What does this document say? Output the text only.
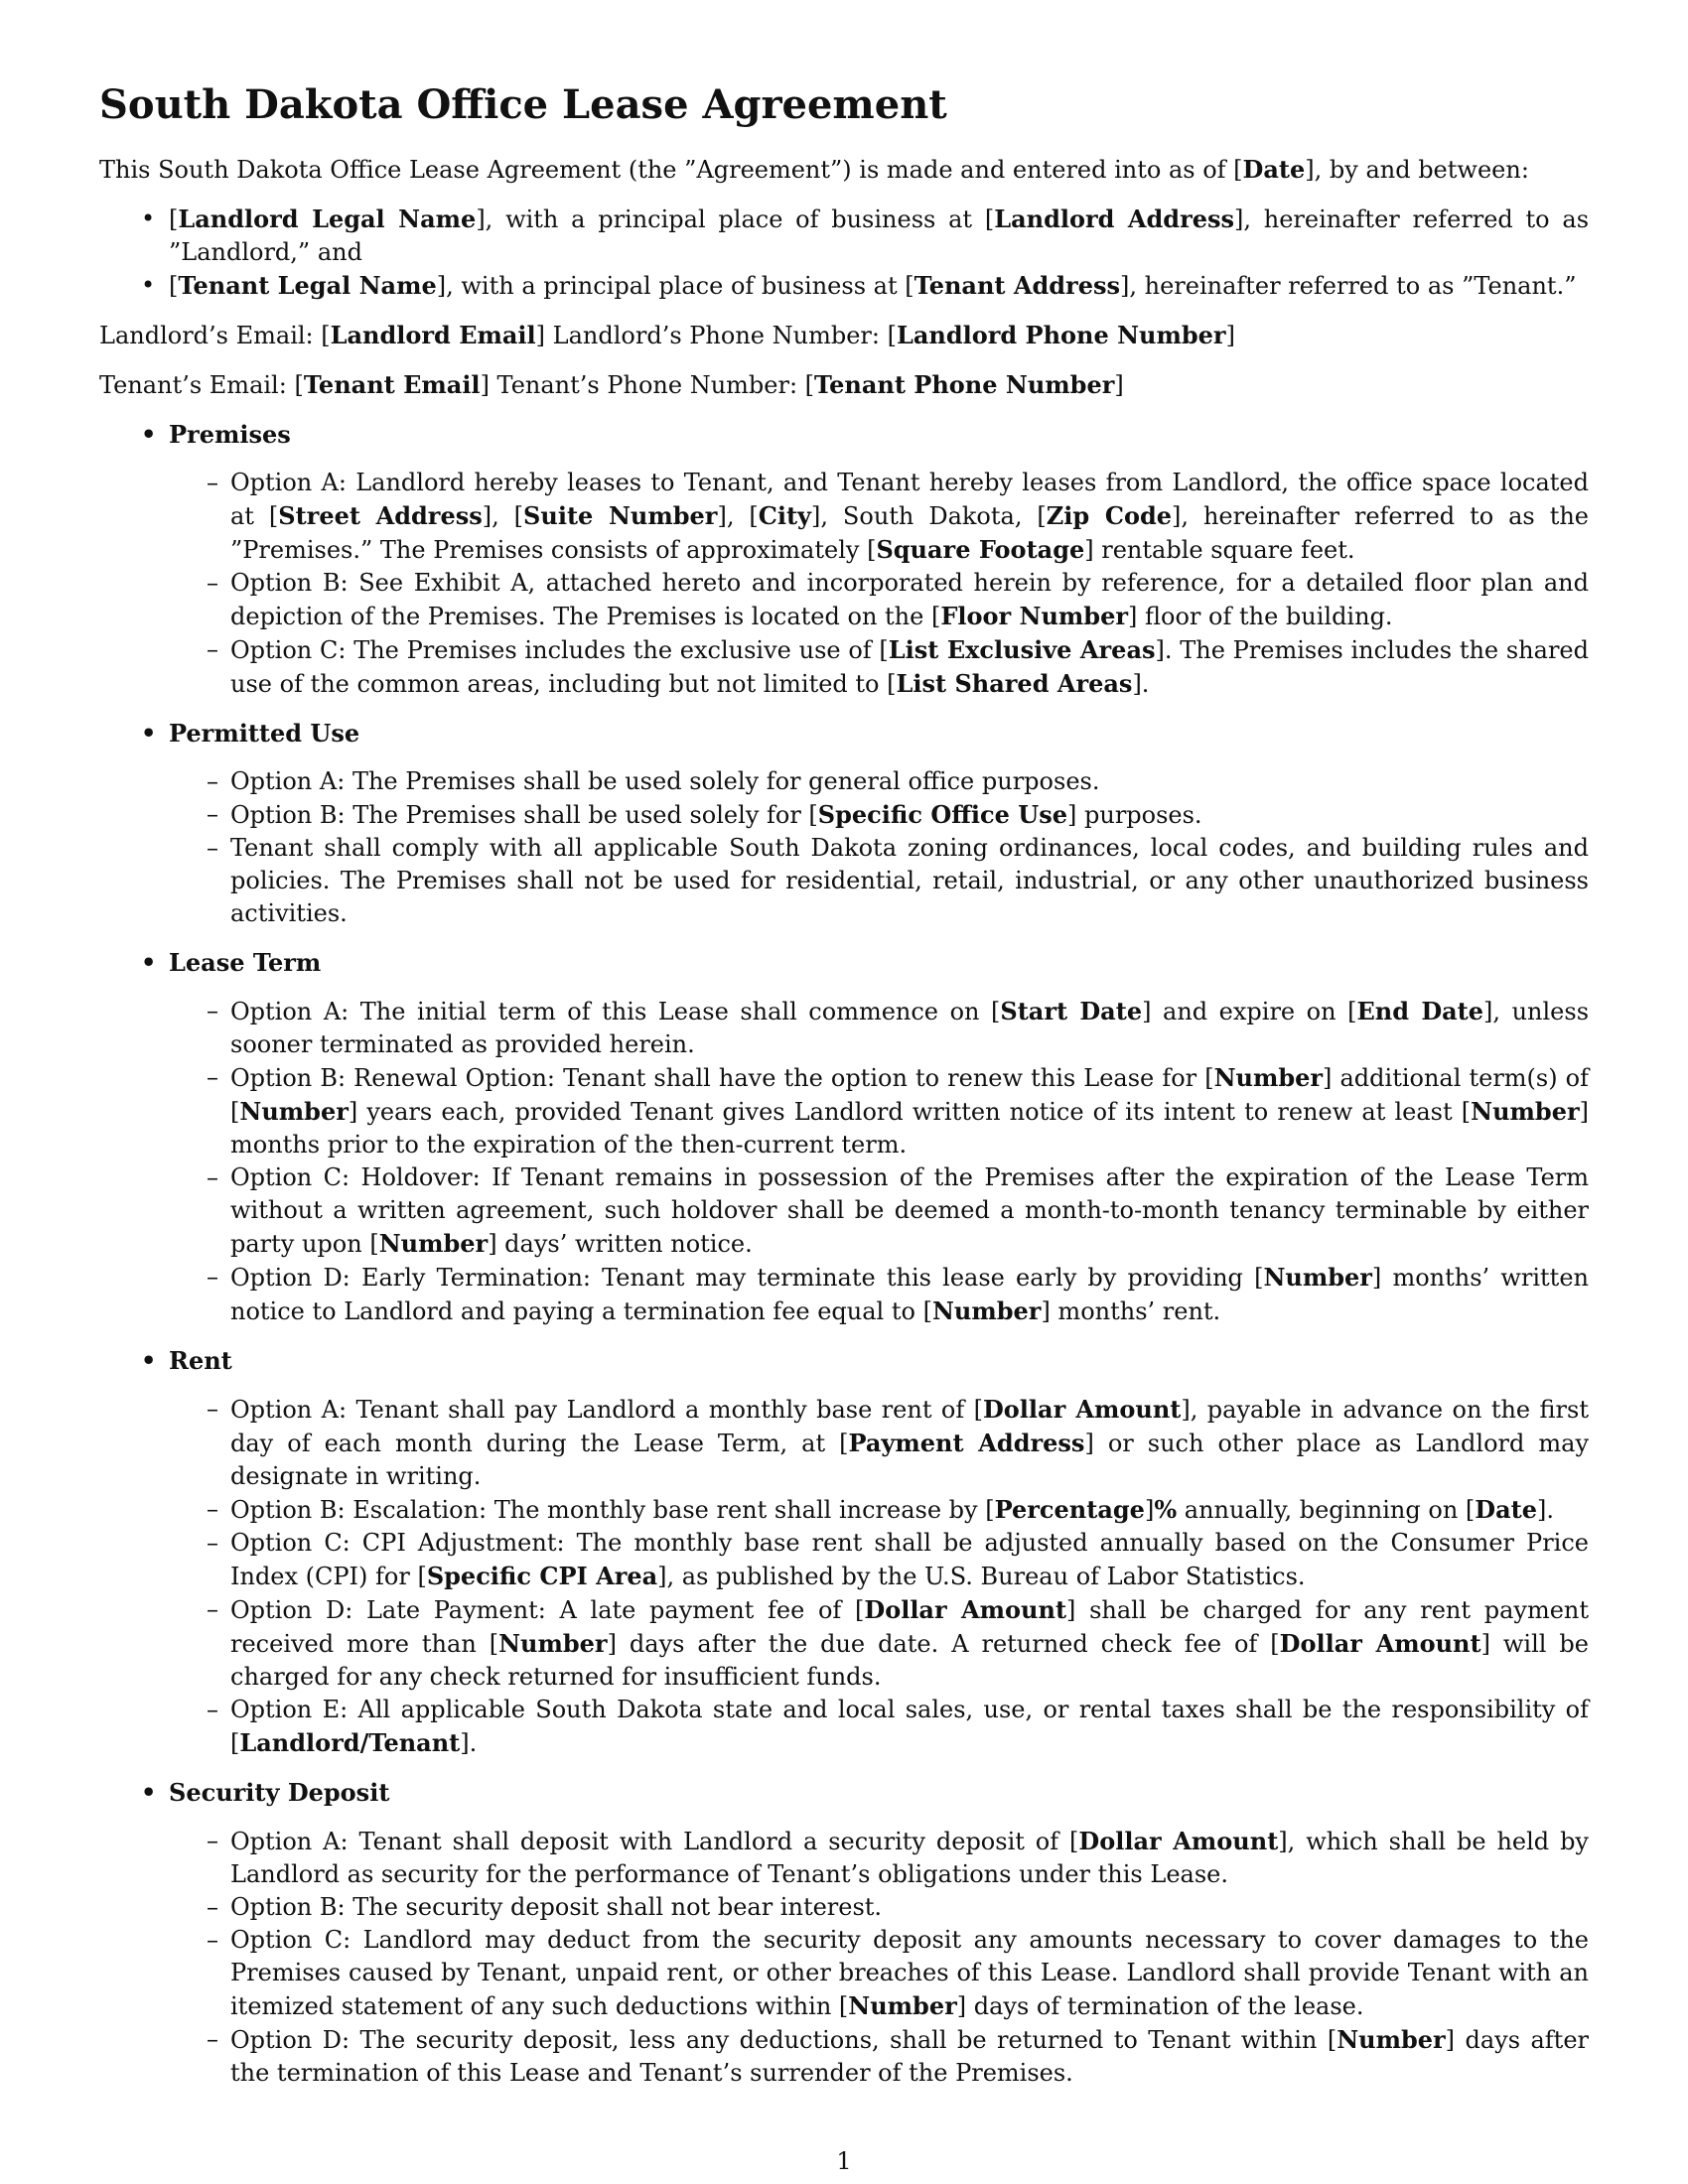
South Dakota Office Lease Agreement

This South Dakota Office Lease Agreement (the ”Agreement”) is made and entered into as of [Date], by and between:

• [Landlord Legal Name], with a principal place of business at [Landlord Address], hereinafter referred to as ”Landlord,” and
• [Tenant Legal Name], with a principal place of business at [Tenant Address], hereinafter referred to as ”Tenant.”

Landlord’s Email: [Landlord Email] Landlord’s Phone Number: [Landlord Phone Number]

Tenant’s Email: [Tenant Email] Tenant’s Phone Number: [Tenant Phone Number]

• Premises
– Option A: Landlord hereby leases to Tenant, and Tenant hereby leases from Landlord, the office space located at [Street Address], [Suite Number], [City], South Dakota, [Zip Code], hereinafter referred to as the ”Premises.” The Premises consists of approximately [Square Footage] rentable square feet.
– Option B: See Exhibit A, attached hereto and incorporated herein by reference, for a detailed floor plan and depiction of the Premises. The Premises is located on the [Floor Number] floor of the building.
– Option C: The Premises includes the exclusive use of [List Exclusive Areas]. The Premises includes the shared use of the common areas, including but not limited to [List Shared Areas].
• Permitted Use
– Option A: The Premises shall be used solely for general office purposes.
– Option B: The Premises shall be used solely for [Specific Office Use] purposes.
– Tenant shall comply with all applicable South Dakota zoning ordinances, local codes, and building rules and policies. The Premises shall not be used for residential, retail, industrial, or any other unauthorized business activities.
• Lease Term
– Option A: The initial term of this Lease shall commence on [Start Date] and expire on [End Date], unless sooner terminated as provided herein.
– Option B: Renewal Option: Tenant shall have the option to renew this Lease for [Number] additional term(s) of [Number] years each, provided Tenant gives Landlord written notice of its intent to renew at least [Number] months prior to the expiration of the then-current term.
– Option C: Holdover: If Tenant remains in possession of the Premises after the expiration of the Lease Term without a written agreement, such holdover shall be deemed a month-to-month tenancy terminable by either party upon [Number] days’ written notice.
– Option D: Early Termination: Tenant may terminate this lease early by providing [Number] months’ written notice to Landlord and paying a termination fee equal to [Number] months’ rent.
• Rent
– Option A: Tenant shall pay Landlord a monthly base rent of [Dollar Amount], payable in advance on the first day of each month during the Lease Term, at [Payment Address] or such other place as Landlord may designate in writing.
– Option B: Escalation: The monthly base rent shall increase by [Percentage]% annually, beginning on [Date].
– Option C: CPI Adjustment: The monthly base rent shall be adjusted annually based on the Consumer Price Index (CPI) for [Specific CPI Area], as published by the U.S. Bureau of Labor Statistics.
– Option D: Late Payment: A late payment fee of [Dollar Amount] shall be charged for any rent payment received more than [Number] days after the due date. A returned check fee of [Dollar Amount] will be charged for any check returned for insufficient funds.
– Option E: All applicable South Dakota state and local sales, use, or rental taxes shall be the responsibility of [Landlord/Tenant].
• Security Deposit
– Option A: Tenant shall deposit with Landlord a security deposit of [Dollar Amount], which shall be held by Landlord as security for the performance of Tenant’s obligations under this Lease.
– Option B: The security deposit shall not bear interest.
– Option C: Landlord may deduct from the security deposit any amounts necessary to cover damages to the Premises caused by Tenant, unpaid rent, or other breaches of this Lease. Landlord shall provide Tenant with an itemized statement of any such deductions within [Number] days of termination of the lease.
– Option D: The security deposit, less any deductions, shall be returned to Tenant within [Number] days after the termination of this Lease and Tenant’s surrender of the Premises.
1
